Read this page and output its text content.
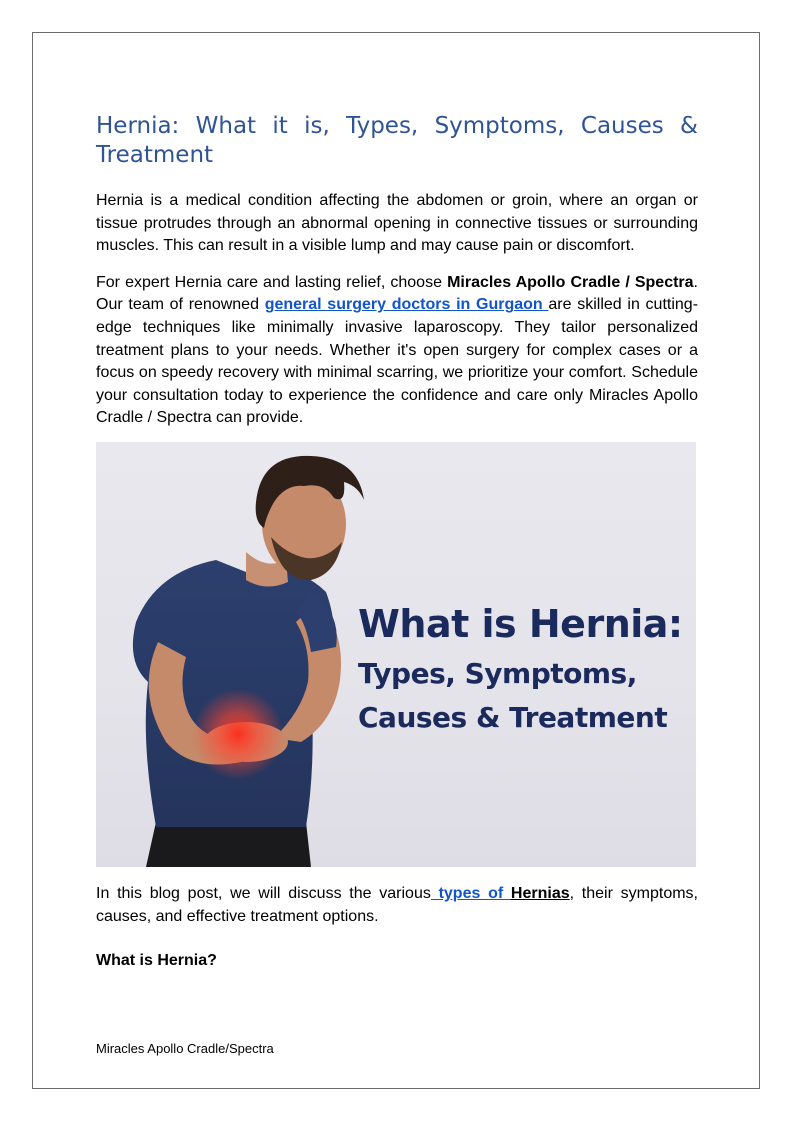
Hernia: What it is, Types, Symptoms, Causes & Treatment

Hernia is a medical condition affecting the abdomen or groin, where an organ or tissue protrudes through an abnormal opening in connective tissues or surrounding muscles. This can result in a visible lump and may cause pain or discomfort.

For expert Hernia care and lasting relief, choose Miracles Apollo Cradle / Spectra. Our team of renowned general surgery doctors in Gurgaon are skilled in cutting-edge techniques like minimally invasive laparoscopy. They tailor personalized treatment plans to your needs. Whether it's open surgery for complex cases or a focus on speedy recovery with minimal scarring, we prioritize your comfort. Schedule your consultation today to experience the confidence and care only Miracles Apollo Cradle / Spectra can provide.

What is Hernia:
Types, Symptoms,
Causes & Treatment

In this blog post, we will discuss the various types of Hernias, their symptoms, causes, and effective treatment options.

What is Hernia?

Miracles Apollo Cradle/Spectra
